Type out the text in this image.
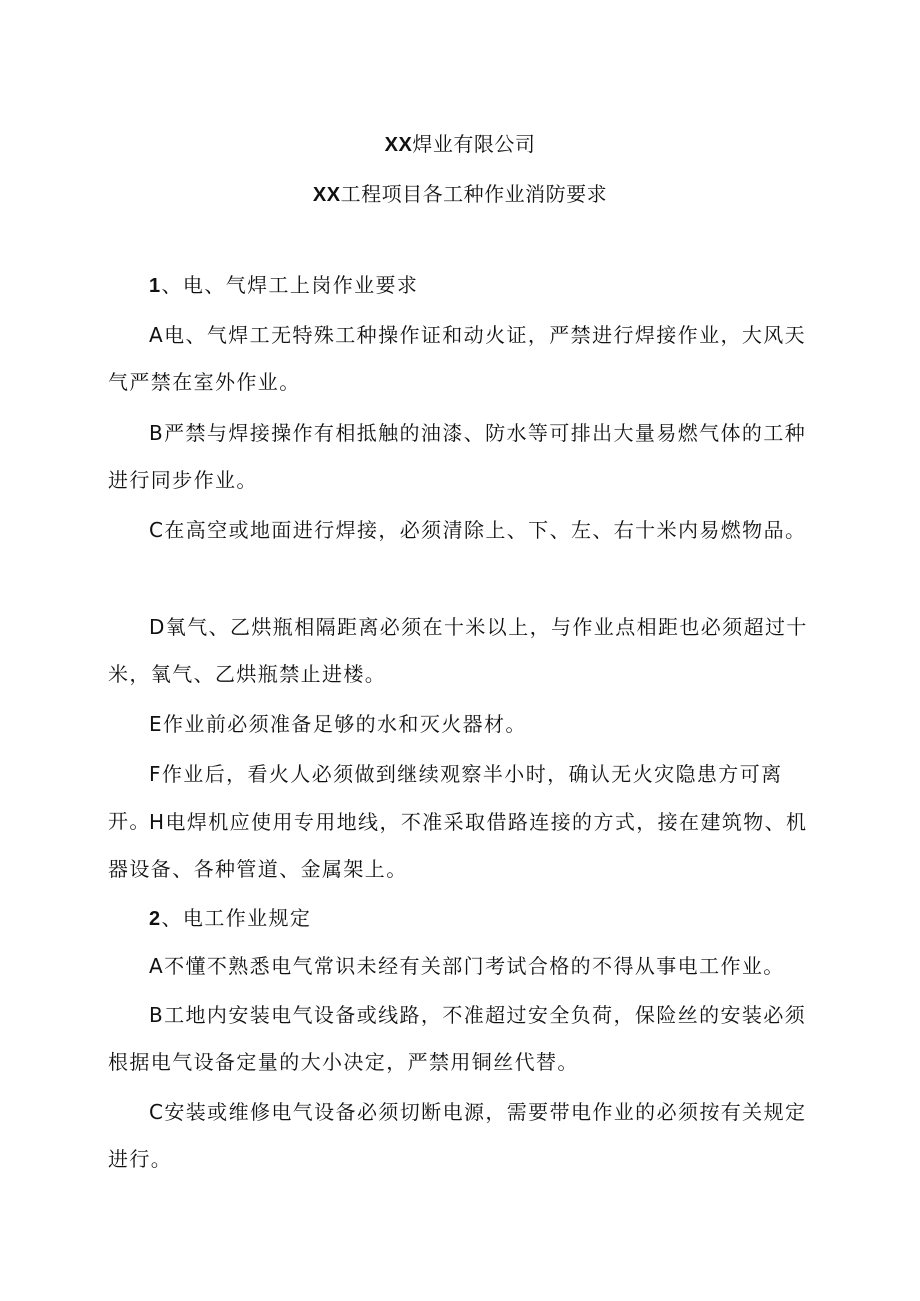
XX焊业有限公司
XX工程项目各工种作业消防要求

1、电、气焊工上岗作业要求

A电、气焊工无特殊工种操作证和动火证，严禁进行焊接作业，大风天气严禁在室外作业。

B严禁与焊接操作有相抵触的油漆、防水等可排出大量易燃气体的工种进行同步作业。

C在高空或地面进行焊接，必须清除上、下、左、右十米内易燃物品。

D氧气、乙烘瓶相隔距离必须在十米以上，与作业点相距也必须超过十米，氧气、乙烘瓶禁止进楼。

E作业前必须准备足够的水和灭火器材。

F作业后，看火人必须做到继续观察半小时，确认无火灾隐患方可离开。

H电焊机应使用专用地线，不准采取借路连接的方式，接在建筑物、机器设备、各种管道、金属架上。

2、电工作业规定

A不懂不熟悉电气常识未经有关部门考试合格的不得从事电工作业。

B工地内安装电气设备或线路，不准超过安全负荷，保险丝的安装必须根据电气设备定量的大小决定，严禁用铜丝代替。

C安装或维修电气设备必须切断电源，需要带电作业的必须按有关规定进行。
